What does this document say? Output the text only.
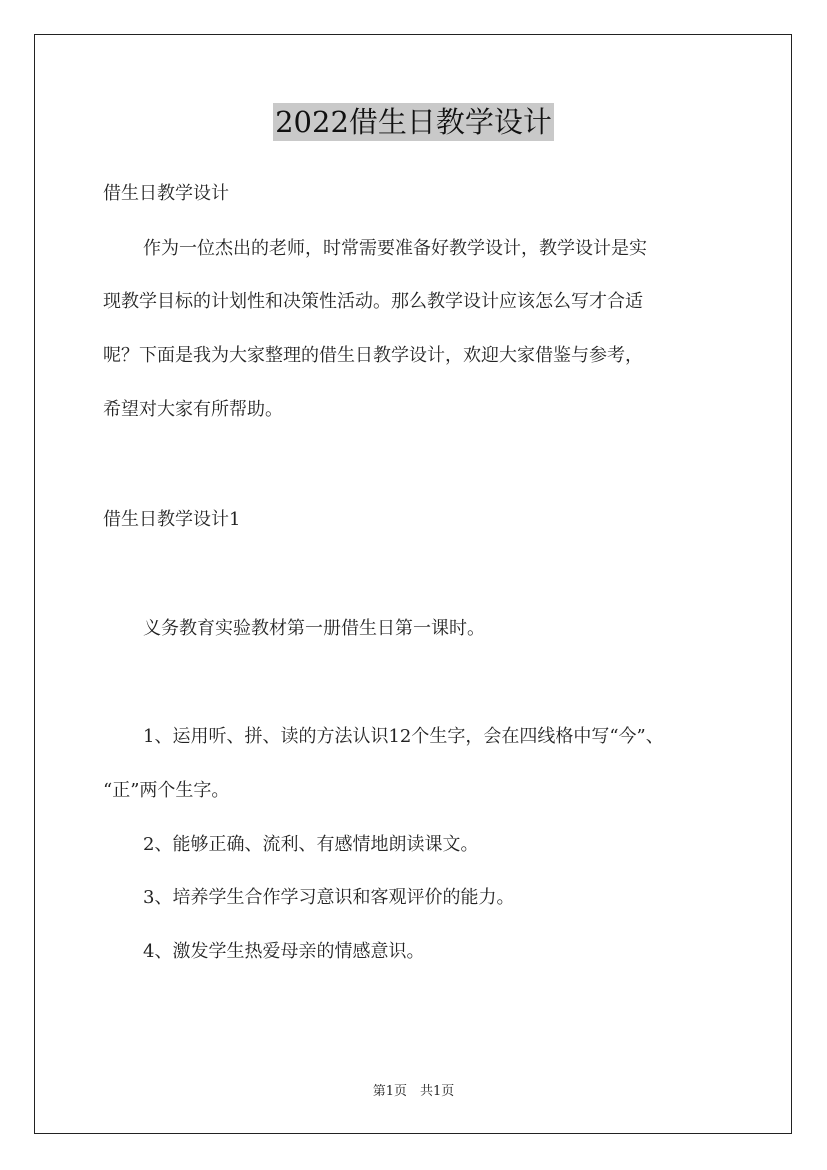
2022借生日教学设计
借生日教学设计
作为一位杰出的老师，时常需要准备好教学设计，教学设计是实
现教学目标的计划性和决策性活动。那么教学设计应该怎么写才合适
呢？下面是我为大家整理的借生日教学设计，欢迎大家借鉴与参考，
希望对大家有所帮助。
借生日教学设计1
义务教育实验教材第一册借生日第一课时。
1、运用听、拼、读的方法认识12个生字，会在四线格中写“今”、
“正”两个生字。
2、能够正确、流利、有感情地朗读课文。
3、培养学生合作学习意识和客观评价的能力。
4、激发学生热爱母亲的情感意识。
第1页　共1页
